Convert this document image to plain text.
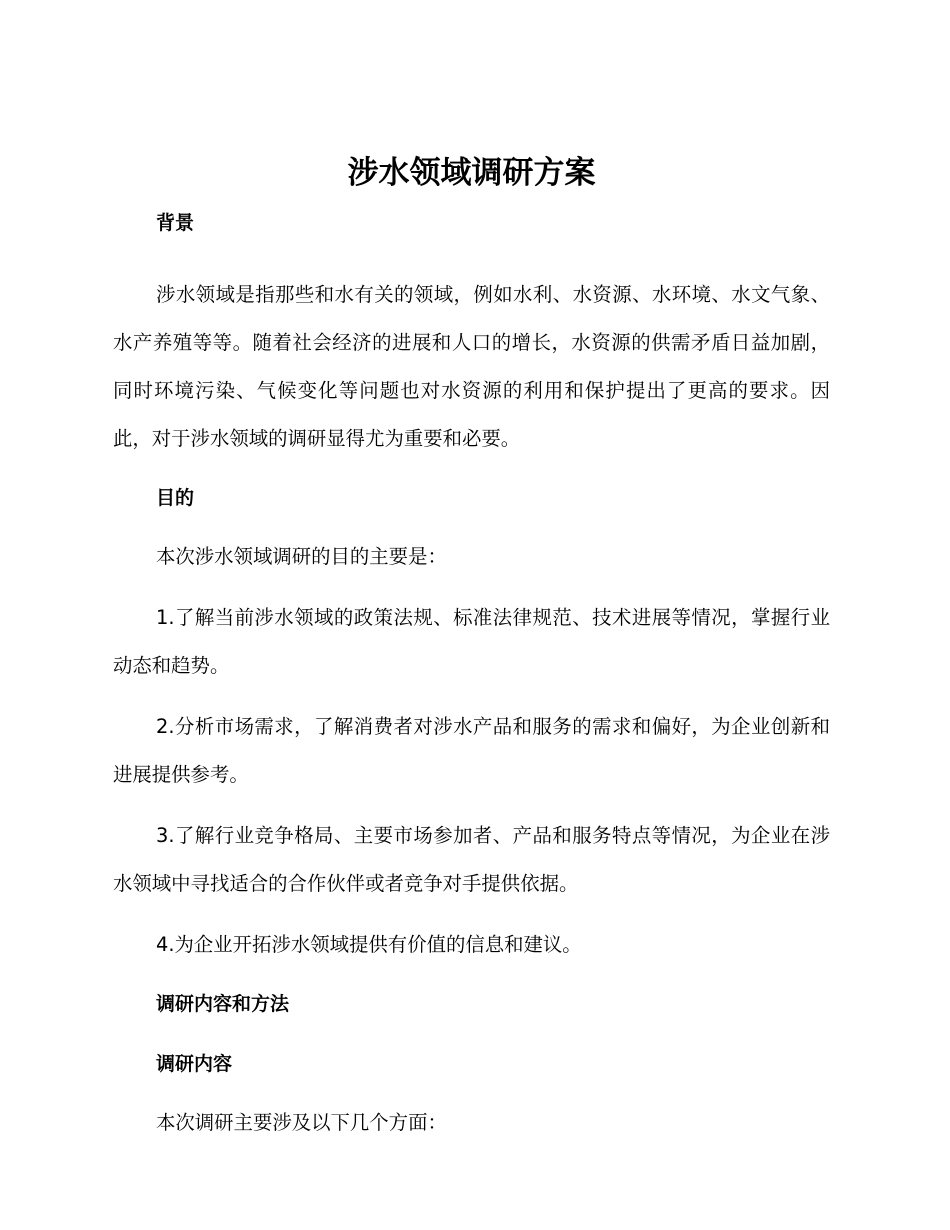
涉水领域调研方案
背景

涉水领域是指那些和水有关的领域，例如水利、水资源、水环境、水文气象、水产养殖等等。随着社会经济的进展和人口的增长，水资源的供需矛盾日益加剧，同时环境污染、气候变化等问题也对水资源的利用和保护提出了更高的要求。因此，对于涉水领域的调研显得尤为重要和必要。

目的

本次涉水领域调研的目的主要是：

1.了解当前涉水领域的政策法规、标准法律规范、技术进展等情况，掌握行业动态和趋势。

2.分析市场需求，了解消费者对涉水产品和服务的需求和偏好，为企业创新和进展提供参考。

3.了解行业竞争格局、主要市场参加者、产品和服务特点等情况，为企业在涉水领域中寻找适合的合作伙伴或者竞争对手提供依据。

4.为企业开拓涉水领域提供有价值的信息和建议。

调研内容和方法
调研内容

本次调研主要涉及以下几个方面：
